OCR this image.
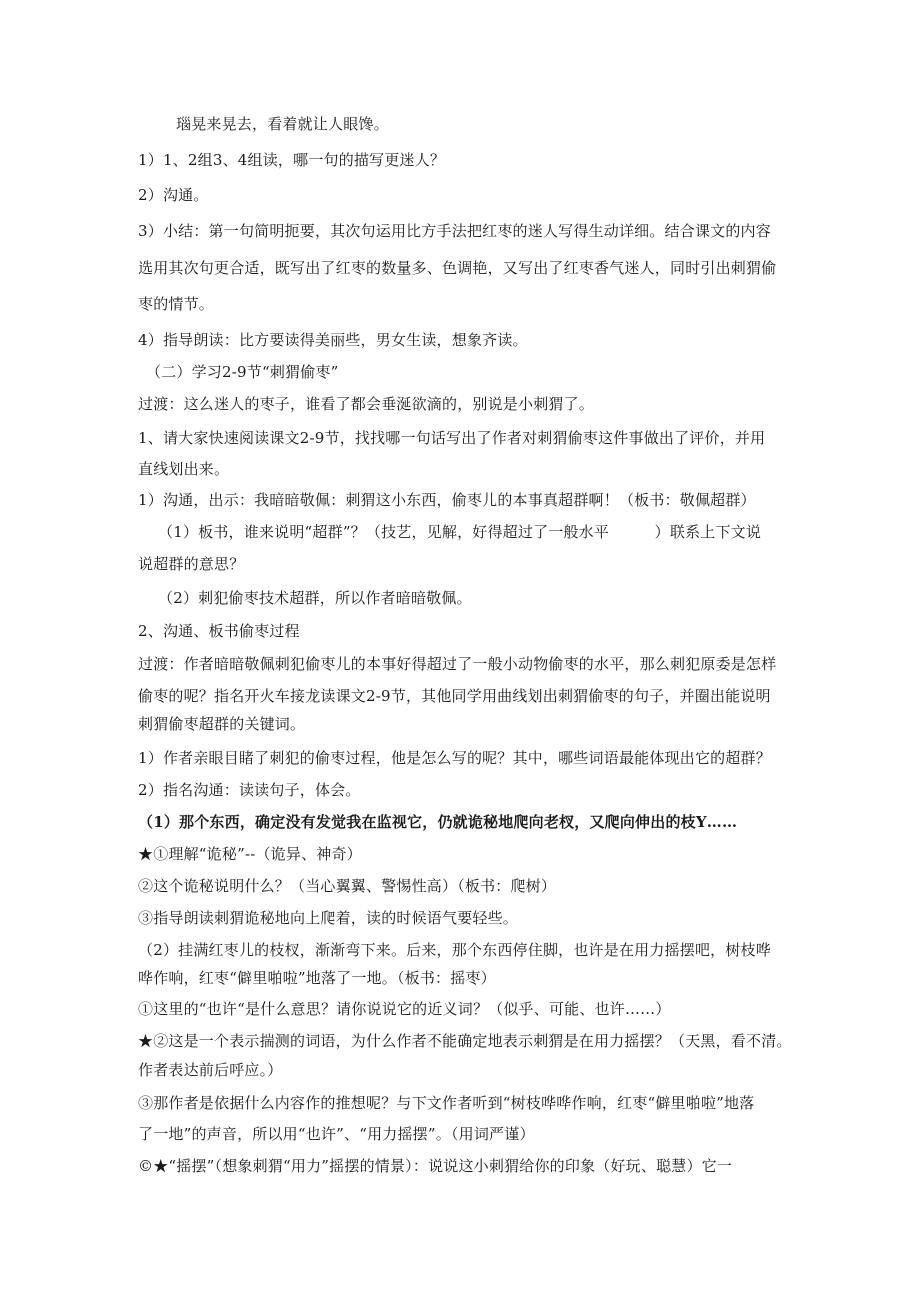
瑙晃来晃去，看着就让人眼馋。

1）1、2组3、4组读，哪一句的描写更迷人？

2）沟通。

3）小结：第一句简明扼要，其次句运用比方手法把红枣的迷人写得生动详细。结合课文的内容

选用其次句更合适，既写出了红枣的数量多、色调艳，又写出了红枣香气迷人，同时引出刺猬偷

枣的情节。

4）指导朗读：比方要读得美丽些，男女生读，想象齐读。

（二）学习2-9节“刺猬偷枣”

过渡：这么迷人的枣子，谁看了都会垂涎欲滴的，别说是小刺猬了。

1、请大家快速阅读课文2-9节，找找哪一句话写出了作者对刺猬偷枣这件事做出了评价，并用

直线划出来。

1）沟通，出示：我暗暗敬佩：刺猬这小东西，偷枣儿的本事真超群啊！（板书：敬佩超群）

（1）板书，谁来说明“超群”？（技艺，见解，好得超过了一般水平　　　）联系上下文说

说超群的意思？

（2）刺犯偷枣技术超群，所以作者暗暗敬佩。

2、沟通、板书偷枣过程

过渡：作者暗暗敬佩刺犯偷枣儿的本事好得超过了一般小动物偷枣的水平，那么刺犯原委是怎样

偷枣的呢？指名开火车接龙读课文2-9节，其他同学用曲线划出刺猬偷枣的句子，并圈出能说明

刺猬偷枣超群的关键词。

1）作者亲眼目睹了刺犯的偷枣过程，他是怎么写的呢？其中，哪些词语最能体现出它的超群？

2）指名沟通：读读句子，体会。

（1）那个东西，确定没有发觉我在监视它，仍就诡秘地爬向老杈，又爬向伸出的枝Y……

★①理解“诡秘”--（诡异、神奇）

②这个诡秘说明什么？（当心翼翼、警惕性高）（板书：爬树）

③指导朗读刺猬诡秘地向上爬着，读的时候语气要轻些。

（2）挂满红枣儿的枝杈，渐渐弯下来。后来，那个东西停住脚，也许是在用力摇摆吧，树枝哗

哗作响，红枣“僻里啪啦”地落了一地。（板书：摇枣）

①这里的“也许“是什么意思？请你说说它的近义词？（似乎、可能、也许……）

★②这是一个表示揣测的词语，为什么作者不能确定地表示刺猬是在用力摇摆？（天黑，看不清。

作者表达前后呼应。）

③那作者是依据什么内容作的推想呢？与下文作者听到“树枝哗哗作响，红枣“僻里啪啦”地落

了一地”的声音，所以用“也许”、“用力摇摆”。（用词严谨）

©★“摇摆”（想象刺猬“用力”摇摆的情景）：说说这小刺猬给你的印象（好玩、聪慧）它一
